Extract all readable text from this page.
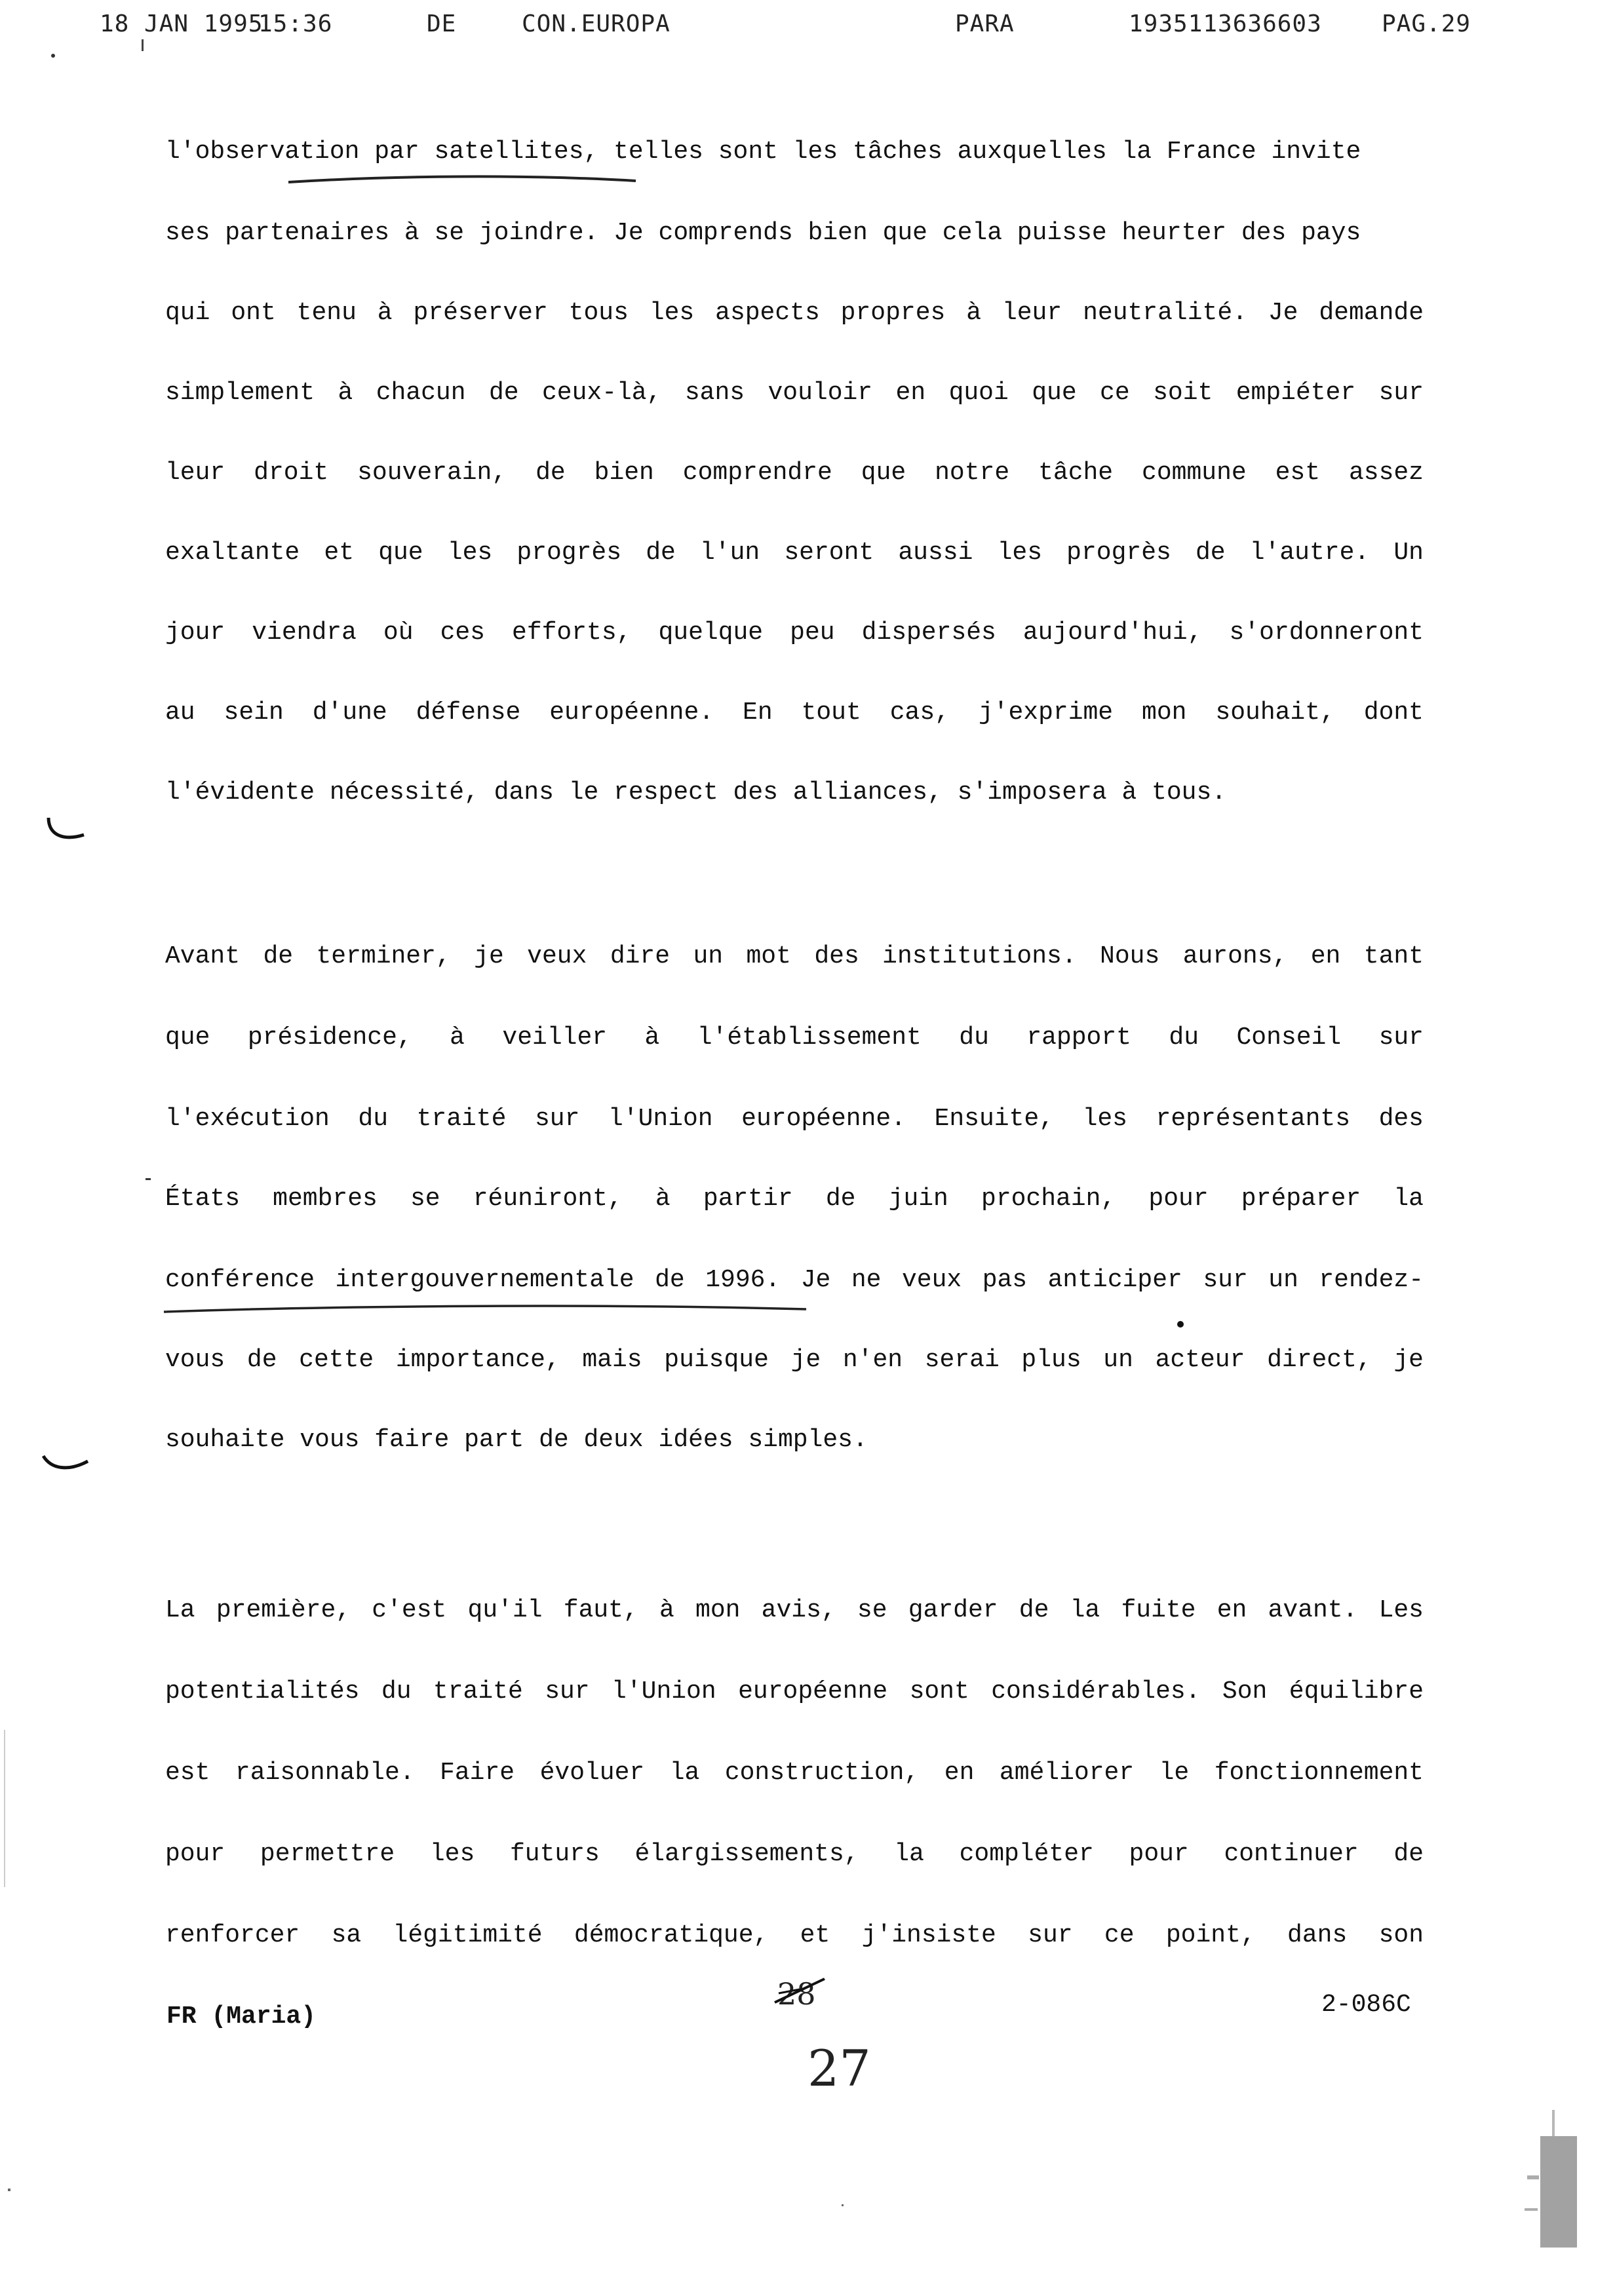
18 JAN 1995
15:36	DE	CON.EUROPA	PARA	1935113636603	PAG.29
l'observation par satellites, telles sont les tâches auxquelles la France invite
ses partenaires à se joindre. Je comprends bien que cela puisse heurter des pays
qui ont tenu à préserver tous les aspects propres à leur neutralité. Je demande
simplement à chacun de ceux-là, sans vouloir en quoi que ce soit empiéter sur
leur droit souverain, de bien comprendre que notre tâche commune est assez
exaltante et que les progrès de l'un seront aussi les progrès de l'autre. Un
jour viendra où ces efforts, quelque peu dispersés aujourd'hui, s'ordonneront
au sein d'une défense européenne. En tout cas, j'exprime mon souhait, dont
l'évidente nécessité, dans le respect des alliances, s'imposera à tous.
Avant de terminer, je veux dire un mot des institutions. Nous aurons, en tant
que présidence, à veiller à l'établissement du rapport du Conseil sur
l'exécution du traité sur l'Union européenne. Ensuite, les représentants des
États membres se réuniront, à partir de juin prochain, pour préparer la
conférence intergouvernementale de 1996. Je ne veux pas anticiper sur un rendez-
vous de cette importance, mais puisque je n'en serai plus un acteur direct, je
souhaite vous faire part de deux idées simples.
La première, c'est qu'il faut, à mon avis, se garder de la fuite en avant. Les
potentialités du traité sur l'Union européenne sont considérables. Son équilibre
est raisonnable. Faire évoluer la construction, en améliorer le fonctionnement
pour permettre les futurs élargissements, la compléter pour continuer de
renforcer sa légitimité démocratique, et j'insiste sur ce point, dans son
FR (Maria)	2-086C
28
27
